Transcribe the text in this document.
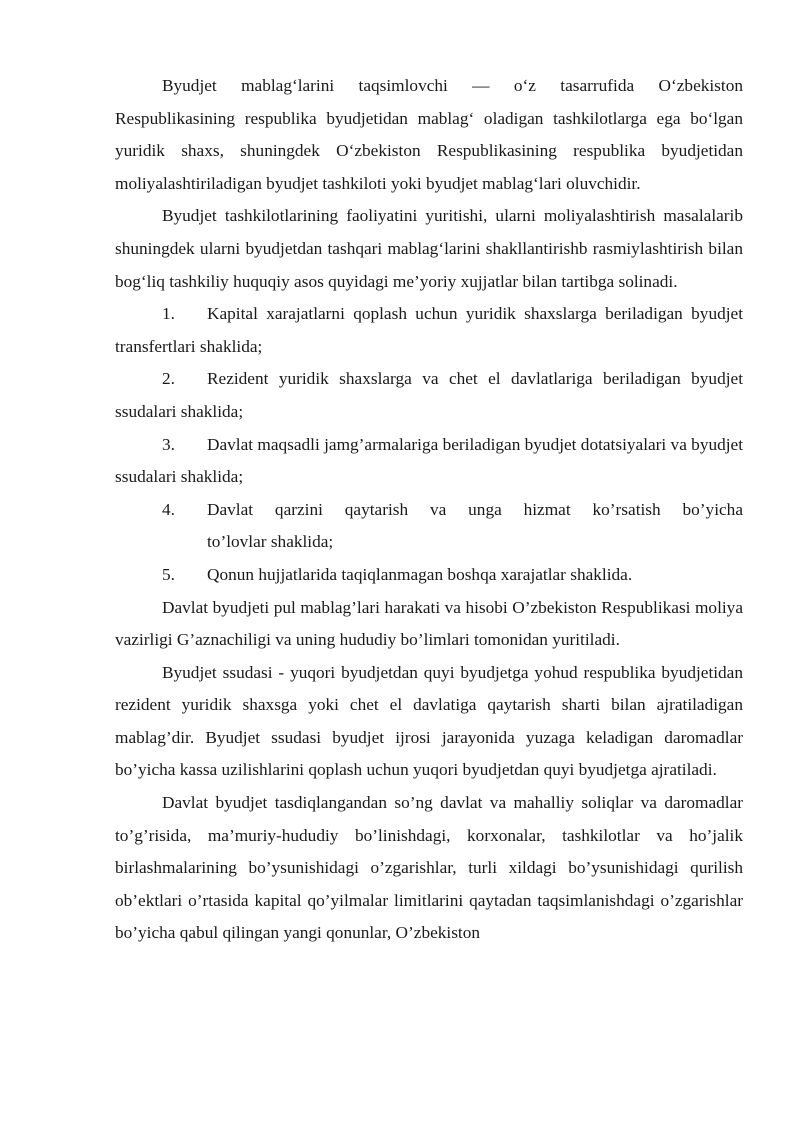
Byudjet mablag‘larini taqsimlovchi — o‘z tasarrufida O‘zbekiston Respublikasining respublika byudjetidan mablag‘ oladigan tashkilotlarga ega bo‘lgan yuridik shaxs, shuningdek O‘zbekiston Respublikasining respublika byudjetidan moliyalashtiriladigan byudjet tashkiloti yoki byudjet mablag‘lari oluvchidir.

Byudjet tashkilotlarining faoliyatini yuritishi, ularni moliyalashtirish masalalarib shuningdek ularni byudjetdan tashqari mablag‘larini shakllantirishb rasmiylashtirish bilan bog‘liq tashkiliy huquqiy asos quyidagi me’yoriy xujjatlar bilan tartibga solinadi.

1. Kapital xarajatlarni qoplash uchun yuridik shaxslarga beriladigan byudjet transfertlari shaklida;

2. Rezident yuridik shaxslarga va chet el davlatlariga beriladigan byudjet ssudalari shaklida;

3. Davlat maqsadli jamg’armalariga beriladigan byudjet dotatsiyalari va byudjet ssudalari shaklida;

4.	Davlat qarzini qaytarish va unga hizmat ko’rsatish bo’yicha
to’lovlar shaklida;

5. Qonun hujjatlarida taqiqlanmagan boshqa xarajatlar shaklida.

Davlat byudjeti pul mablag’lari harakati va hisobi O’zbekiston Respublikasi moliya vazirligi G’aznachiligi va uning hududiy bo’limlari tomonidan yuritiladi.

Byudjet ssudasi - yuqori byudjetdan quyi byudjetga yohud respublika byudjetidan rezident yuridik shaxsga yoki chet el davlatiga qaytarish sharti bilan ajratiladigan mablag’dir. Byudjet ssudasi byudjet ijrosi jarayonida yuzaga keladigan daromadlar bo’yicha kassa uzilishlarini qoplash uchun yuqori byudjetdan quyi byudjetga ajratiladi.

Davlat byudjet tasdiqlangandan so’ng davlat va mahalliy soliqlar va daromadlar to’g’risida, ma’muriy-hududiy bo’linishdagi, korxonalar, tashkilotlar va ho’jalik birlashmalarining bo’ysunishidagi o’zgarishlar, turli xildagi bo’ysunishidagi qurilish ob’ektlari o’rtasida kapital qo’yilmalar limitlarini qaytadan taqsimlanishdagi o’zgarishlar bo’yicha qabul qilingan yangi qonunlar, O’zbekiston
